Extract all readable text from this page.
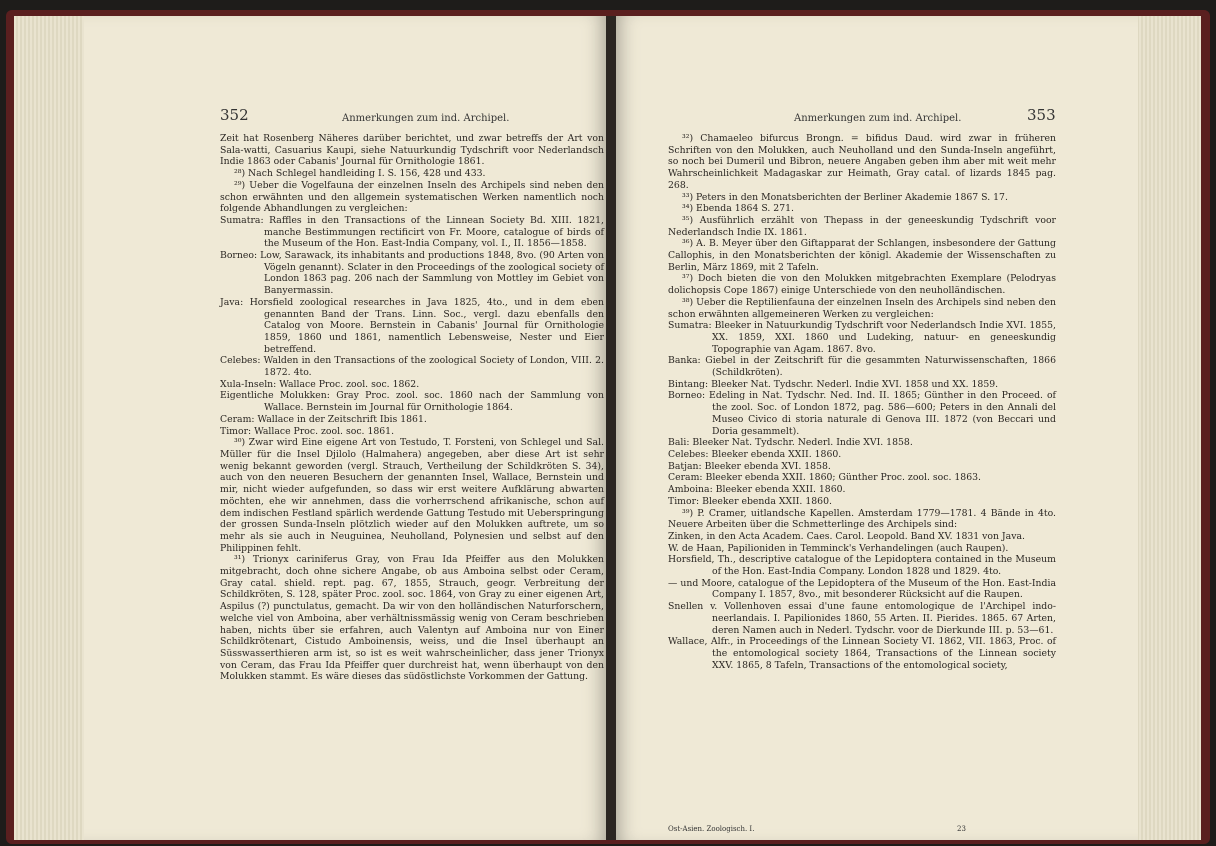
352	Anmerkungen zum ind. Archipel.

Zeit hat Rosenberg Näheres darüber berichtet, und zwar betreffs der Art von Sala-watti, Casuarius Kaupi, siehe Natuurkundig Tydschrift voor Nederlandsch Indie 1863 oder Cabanis' Journal für Ornithologie 1861.

²⁸) Nach Schlegel handleiding I. S. 156, 428 und 433.

²⁹) Ueber die Vogelfauna der einzelnen Inseln des Archipels sind neben den schon erwähnten und den allgemein systematischen Werken namentlich noch folgende Abhandlungen zu vergleichen:

Sumatra: Raffles in den Transactions of the Linnean Society Bd. XIII. 1821, manche Bestimmungen rectificirt von Fr. Moore, catalogue of birds of the Museum of the Hon. East-India Company, vol. I., II. 1856—1858.

Borneo: Low, Sarawack, its inhabitants and productions 1848, 8vo. (90 Arten von Vögeln genannt). Sclater in den Proceedings of the zoological society of London 1863 pag. 206 nach der Sammlung von Mottley im Gebiet von Banyermassin.

Java: Horsfield zoological researches in Java 1825, 4to., und in dem eben genannten Band der Trans. Linn. Soc., vergl. dazu ebenfalls den Catalog von Moore. Bernstein in Cabanis' Journal für Ornithologie 1859, 1860 und 1861, namentlich Lebensweise, Nester und Eier betreffend.

Celebes: Walden in den Transactions of the zoological Society of London, VIII. 2. 1872. 4to.

Xula-Inseln: Wallace Proc. zool. soc. 1862.

Eigentliche Molukken: Gray Proc. zool. soc. 1860 nach der Sammlung von Wallace. Bernstein im Journal für Ornithologie 1864.

Ceram: Wallace in der Zeitschrift Ibis 1861.

Timor: Wallace Proc. zool. soc. 1861.

³⁰) Zwar wird Eine eigene Art von Testudo, T. Forsteni, von Schlegel und Sal. Müller für die Insel Djilolo (Halmahera) angegeben, aber diese Art ist sehr wenig bekannt geworden (vergl. Strauch, Vertheilung der Schildkröten S. 34), auch von den neueren Besuchern der genannten Insel, Wallace, Bernstein und mir, nicht wieder aufgefunden, so dass wir erst weitere Aufklärung abwarten möchten, ehe wir annehmen, dass die vorherrschend afrikanische, schon auf dem indischen Festland spärlich werdende Gattung Testudo mit Ueberspringung der grossen Sunda-Inseln plötzlich wieder auf den Molukken auftrete, um so mehr als sie auch in Neuguinea, Neuholland, Polynesien und selbst auf den Philippinen fehlt.

³¹) Trionyx cariniferus Gray, von Frau Ida Pfeiffer aus den Molukken mitgebracht, doch ohne sichere Angabe, ob aus Amboina selbst oder Ceram, Gray catal. shield. rept. pag. 67, 1855, Strauch, geogr. Verbreitung der Schildkröten, S. 128, später Proc. zool. soc. 1864, von Gray zu einer eigenen Art, Aspilus (?) punctulatus, gemacht. Da wir von den holländischen Naturforschern, welche viel von Amboina, aber verhältnissmässig wenig von Ceram beschrieben haben, nichts über sie erfahren, auch Valentyn auf Amboina nur von Einer Schildkrötenart, Cistudo Amboinensis, weiss, und die Insel überhaupt an Süsswasserthieren arm ist, so ist es weit wahrscheinlicher, dass jener Trionyx von Ceram, das Frau Ida Pfeiffer quer durchreist hat, wenn überhaupt von den Molukken stammt. Es wäre dieses das südöstlichste Vorkommen der Gattung.

Anmerkungen zum ind. Archipel.	353

³²) Chamaeleo bifurcus Brongn. = bifidus Daud. wird zwar in früheren Schriften von den Molukken, auch Neuholland und den Sunda-Inseln angeführt, so noch bei Dumeril und Bibron, neuere Angaben geben ihm aber mit weit mehr Wahrscheinlichkeit Madagaskar zur Heimath, Gray catal. of lizards 1845 pag. 268.

³³) Peters in den Monatsberichten der Berliner Akademie 1867 S. 17.

³⁴) Ebenda 1864 S. 271.

³⁵) Ausführlich erzählt von Thepass in der geneeskundig Tydschrift voor Nederlandsch Indie IX. 1861.

³⁶) A. B. Meyer über den Giftapparat der Schlangen, insbesondere der Gattung Callophis, in den Monatsberichten der königl. Akademie der Wissenschaften zu Berlin, März 1869, mit 2 Tafeln.

³⁷) Doch bieten die von den Molukken mitgebrachten Exemplare (Pelodryas dolichopsis Cope 1867) einige Unterschiede von den neuholländischen.

³⁸) Ueber die Reptilienfauna der einzelnen Inseln des Archipels sind neben den schon erwähnten allgemeineren Werken zu vergleichen:

Sumatra: Bleeker in Natuurkundig Tydschrift voor Nederlandsch Indie XVI. 1855, XX. 1859, XXI. 1860 und Ludeking, natuur- en geneeskundig Topographie van Agam. 1867. 8vo.

Banka: Giebel in der Zeitschrift für die gesammten Naturwissenschaften, 1866 (Schildkröten).

Bintang: Bleeker Nat. Tydschr. Nederl. Indie XVI. 1858 und XX. 1859.

Borneo: Edeling in Nat. Tydschr. Ned. Ind. II. 1865; Günther in den Proceed. of the zool. Soc. of London 1872, pag. 586—600; Peters in den Annali del Museo Civico di storia naturale di Genova III. 1872 (von Beccari und Doria gesammelt).

Bali: Bleeker Nat. Tydschr. Nederl. Indie XVI. 1858.

Celebes: Bleeker ebenda XXII. 1860.

Batjan: Bleeker ebenda XVI. 1858.

Ceram: Bleeker ebenda XXII. 1860; Günther Proc. zool. soc. 1863.

Amboina: Bleeker ebenda XXII. 1860.

Timor: Bleeker ebenda XXII. 1860.

³⁹) P. Cramer, uitlandsche Kapellen. Amsterdam 1779—1781. 4 Bände in 4to. Neuere Arbeiten über die Schmetterlinge des Archipels sind:

Zinken, in den Acta Academ. Caes. Carol. Leopold. Band XV. 1831 von Java.

W. de Haan, Papilioniden in Temminck's Verhandelingen (auch Raupen).

Horsfield, Th., descriptive catalogue of the Lepidoptera contained in the Museum of the Hon. East-India Company. London 1828 und 1829. 4to.

— und Moore, catalogue of the Lepidoptera of the Museum of the Hon. East-India Company I. 1857, 8vo., mit besonderer Rücksicht auf die Raupen.

Snellen v. Vollenhoven essai d'une faune entomologique de l'Archipel indo-neerlandais. I. Papilionides 1860, 55 Arten. II. Pierides. 1865. 67 Arten, deren Namen auch in Nederl. Tydschr. voor de Dierkunde III. p. 53—61.

Wallace, Alfr., in Proceedings of the Linnean Society VI. 1862, VII. 1863, Proc. of the entomological society 1864, Transactions of the Linnean society XXV. 1865, 8 Tafeln, Transactions of the entomological society,

Ost-Asien. Zoologisch. I.	23
